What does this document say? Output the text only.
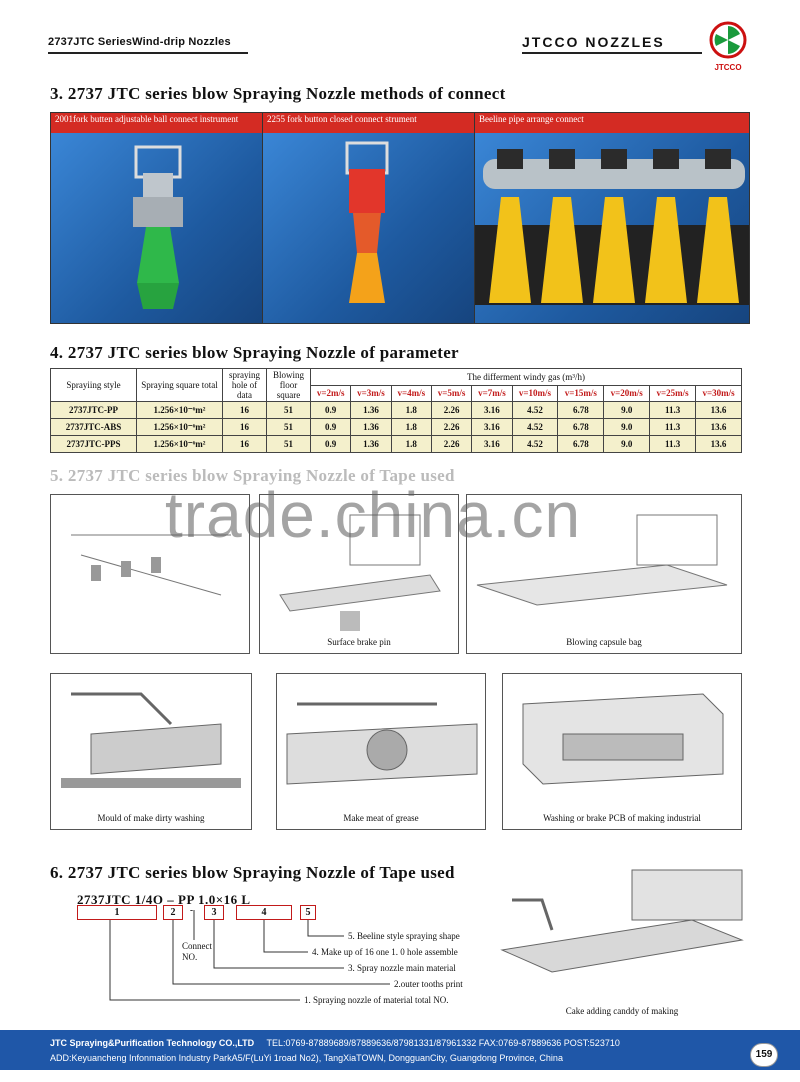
2737JTC SeriesWind-drip Nozzles	JTCCO NOZZLES
JTCCO
3. 2737 JTC series blow Spraying Nozzle methods of connect
2001fork butten adjustable ball connect instrument	2255 fork button closed connect strument	Beeline pipe arrange connect
4. 2737 JTC series blow Spraying Nozzle of parameter
Sprayiing style	Spraying square total	spraying hole of data	Blowing floor square	The differment windy gas (m³/h)									
				v=2m/s	v=3m/s	v=4m/s	v=5m/s	v=7m/s	v=10m/s	v=15m/s	v=20m/s	v=25m/s	v=30m/s
2737JTC-PP	1.256×10⁻⁶m²	16	51	0.9	1.36	1.8	2.26	3.16	4.52	6.78	9.0	11.3	13.6
2737JTC-ABS	1.256×10⁻⁶m²	16	51	0.9	1.36	1.8	2.26	3.16	4.52	6.78	9.0	11.3	13.6
2737JTC-PPS	1.256×10⁻⁶m²	16	51	0.9	1.36	1.8	2.26	3.16	4.52	6.78	9.0	11.3	13.6
5. 2737 JTC series blow Spraying Nozzle of Tape used
Surface brake pin	Blowing capsule bag
Mould of make dirty washing	Make meat of grease	Washing or brake PCB of making industrial
trade.china.cn
6. 2737 JTC series blow Spraying Nozzle of Tape used
2737JTC 1/4O – PP 1.0×16 L
1	2	-	3	4	5
5. Beeline style spraying shape
4. Make up of 16 one 1. 0 hole assemble
3. Spray nozzle main material
2.outer tooths print
1. Spraying nozzle of material total NO.
Connect
NO.
Cake adding canddy of making
JTC Spraying&Purification Technology CO.,LTD TEL:0769-87889689/87889636/87981331/87961332 FAX:0769-87889636 POST:523710
ADD:Keyuancheng Infonmation Industry ParkA5/F(LuYi 1road No2), TangXiaTOWN, DongguanCity, Guangdong Province, China	159
